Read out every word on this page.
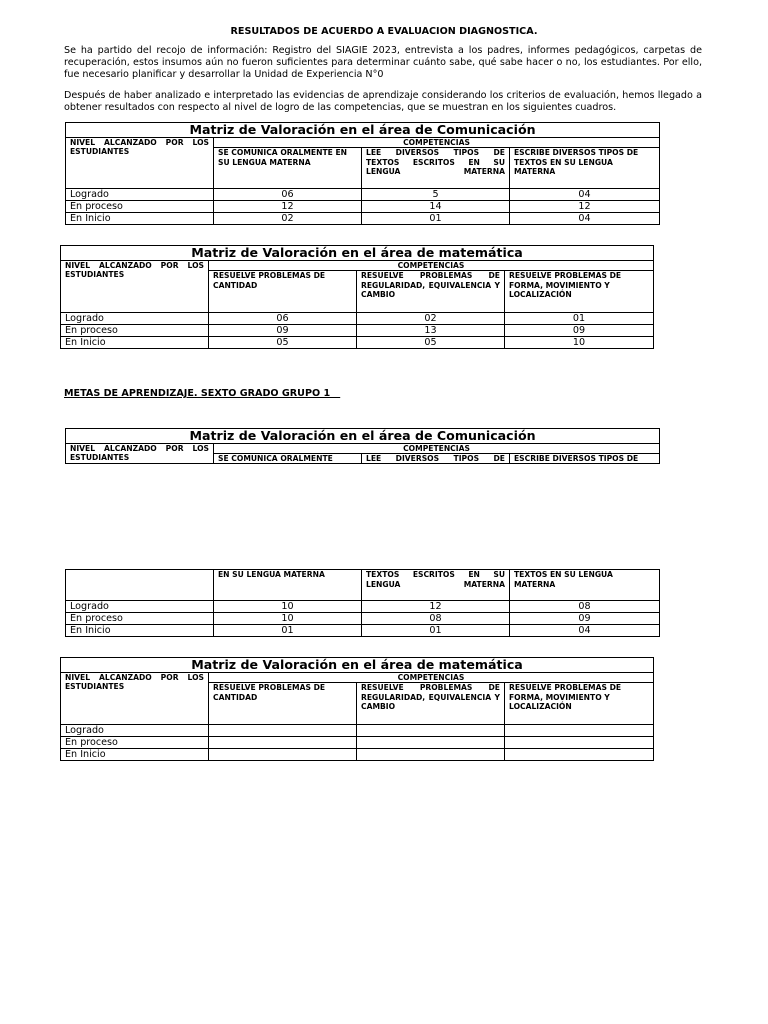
RESULTADOS DE ACUERDO A EVALUACION DIAGNOSTICA.
Se ha partido del recojo de información: Registro del SIAGIE 2023, entrevista a los padres, informes pedagógicos, carpetas de recuperación, estos insumos aún no fueron suficientes para determinar cuánto sabe, qué sabe hacer o no, los estudiantes. Por ello, fue necesario planificar y desarrollar la Unidad de Experiencia N°0
Después de haber analizado e interpretado las evidencias de aprendizaje considerando los criterios de evaluación, hemos llegado a obtener resultados con respecto al nivel de logro de las competencias, que se muestran en los siguientes cuadros.
Matriz de Valoración en el área de Comunicación			
NIVEL ALCANZADO POR LOS ESTUDIANTES	COMPETENCIAS		
	SE COMUNICA ORALMENTE EN SU LENGUA MATERNA	LEE DIVERSOS TIPOS DE TEXTOS ESCRITOS EN SU LENGUA MATERNA	ESCRIBE DIVERSOS TIPOS DE TEXTOS EN SU LENGUA MATERNA
Logrado	06	5	04
En proceso	12	14	12
En Inicio	02	01	04
Matriz de Valoración en el área de matemática			
NIVEL ALCANZADO POR LOS ESTUDIANTES	COMPETENCIAS		
	RESUELVE PROBLEMAS DE CANTIDAD	RESUELVE PROBLEMAS DE REGULARIDAD, EQUIVALENCIA Y CAMBIO	RESUELVE PROBLEMAS DE FORMA, MOVIMIENTO Y LOCALIZACIÓN
Logrado	06	02	01
En proceso	09	13	09
En Inicio	05	05	10
METAS DE APRENDIZAJE. SEXTO GRADO GRUPO 1
Matriz de Valoración en el área de Comunicación			
NIVEL ALCANZADO POR LOS ESTUDIANTES	COMPETENCIAS		
	SE COMUNICA ORALMENTE	LEE DIVERSOS TIPOS DE	ESCRIBE DIVERSOS TIPOS DE
	EN SU LENGUA MATERNA	TEXTOS ESCRITOS EN SU LENGUA MATERNA	TEXTOS EN SU LENGUA MATERNA
Logrado	10	12	08
En proceso	10	08	09
En Inicio	01	01	04
Matriz de Valoración en el área de matemática			
NIVEL ALCANZADO POR LOS ESTUDIANTES	COMPETENCIAS		
	RESUELVE PROBLEMAS DE CANTIDAD	RESUELVE PROBLEMAS DE REGULARIDAD, EQUIVALENCIA Y CAMBIO	RESUELVE PROBLEMAS DE FORMA, MOVIMIENTO Y LOCALIZACIÓN
Logrado			
En proceso			
En Inicio			
